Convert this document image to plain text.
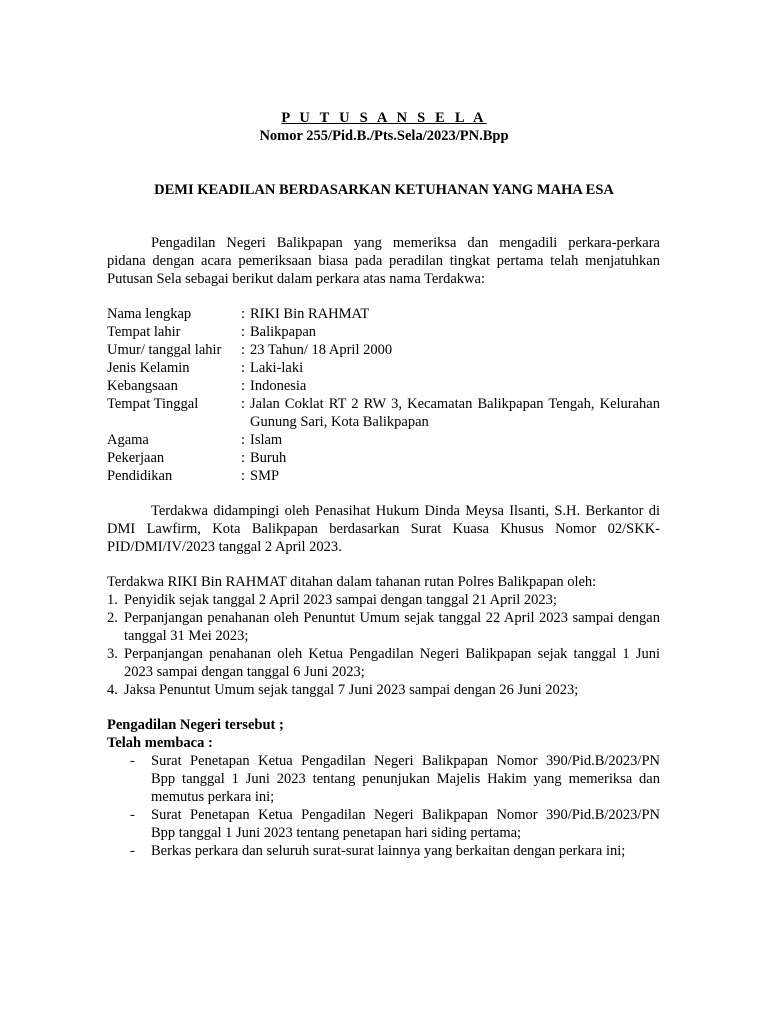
P U T U S A N S E L A
Nomor 255/Pid.B./Pts.Sela/2023/PN.Bpp
DEMI KEADILAN BERDASARKAN KETUHANAN YANG MAHA ESA
Pengadilan Negeri Balikpapan yang memeriksa dan mengadili perkara-perkara
pidana dengan acara pemeriksaan biasa pada peradilan tingkat pertama telah menjatuhkan
Putusan Sela sebagai berikut dalam perkara atas nama Terdakwa:
Nama lengkap	: RIKI Bin RAHMAT
Tempat lahir	: Balikpapan
Umur/ tanggal lahir : 23 Tahun/ 18 April 2000
Jenis Kelamin	: Laki-laki
Kebangsaan	: Indonesia
Tempat Tinggal	: Jalan Coklat RT 2 RW 3, Kecamatan Balikpapan Tengah, Kelurahan
Gunung Sari, Kota Balikpapan
Agama	: Islam
Pekerjaan	: Buruh
Pendidikan	: SMP
Terdakwa didampingi oleh Penasihat Hukum Dinda Meysa Ilsanti, S.H. Berkantor di
DMI Lawfirm, Kota Balikpapan berdasarkan Surat Kuasa Khusus Nomor 02/SKK-
PID/DMI/IV/2023 tanggal 2 April 2023.
Terdakwa RIKI Bin RAHMAT ditahan dalam tahanan rutan Polres Balikpapan oleh:
1. Penyidik sejak tanggal 2 April 2023 sampai dengan tanggal 21 April 2023;
2. Perpanjangan penahanan oleh Penuntut Umum sejak tanggal 22 April 2023 sampai dengan
tanggal 31 Mei 2023;
3. Perpanjangan penahanan oleh Ketua Pengadilan Negeri Balikpapan sejak tanggal 1 Juni
2023 sampai dengan tanggal 6 Juni 2023;
4. Jaksa Penuntut Umum sejak tanggal 7 Juni 2023 sampai dengan 26 Juni 2023;
Pengadilan Negeri tersebut ;
Telah membaca :
- Surat Penetapan Ketua Pengadilan Negeri Balikpapan Nomor 390/Pid.B/2023/PN
Bpp tanggal 1 Juni 2023 tentang penunjukan Majelis Hakim yang memeriksa dan
memutus perkara ini;
- Surat Penetapan Ketua Pengadilan Negeri Balikpapan Nomor 390/Pid.B/2023/PN
Bpp tanggal 1 Juni 2023 tentang penetapan hari siding pertama;
- Berkas perkara dan seluruh surat-surat lainnya yang berkaitan dengan perkara ini;
